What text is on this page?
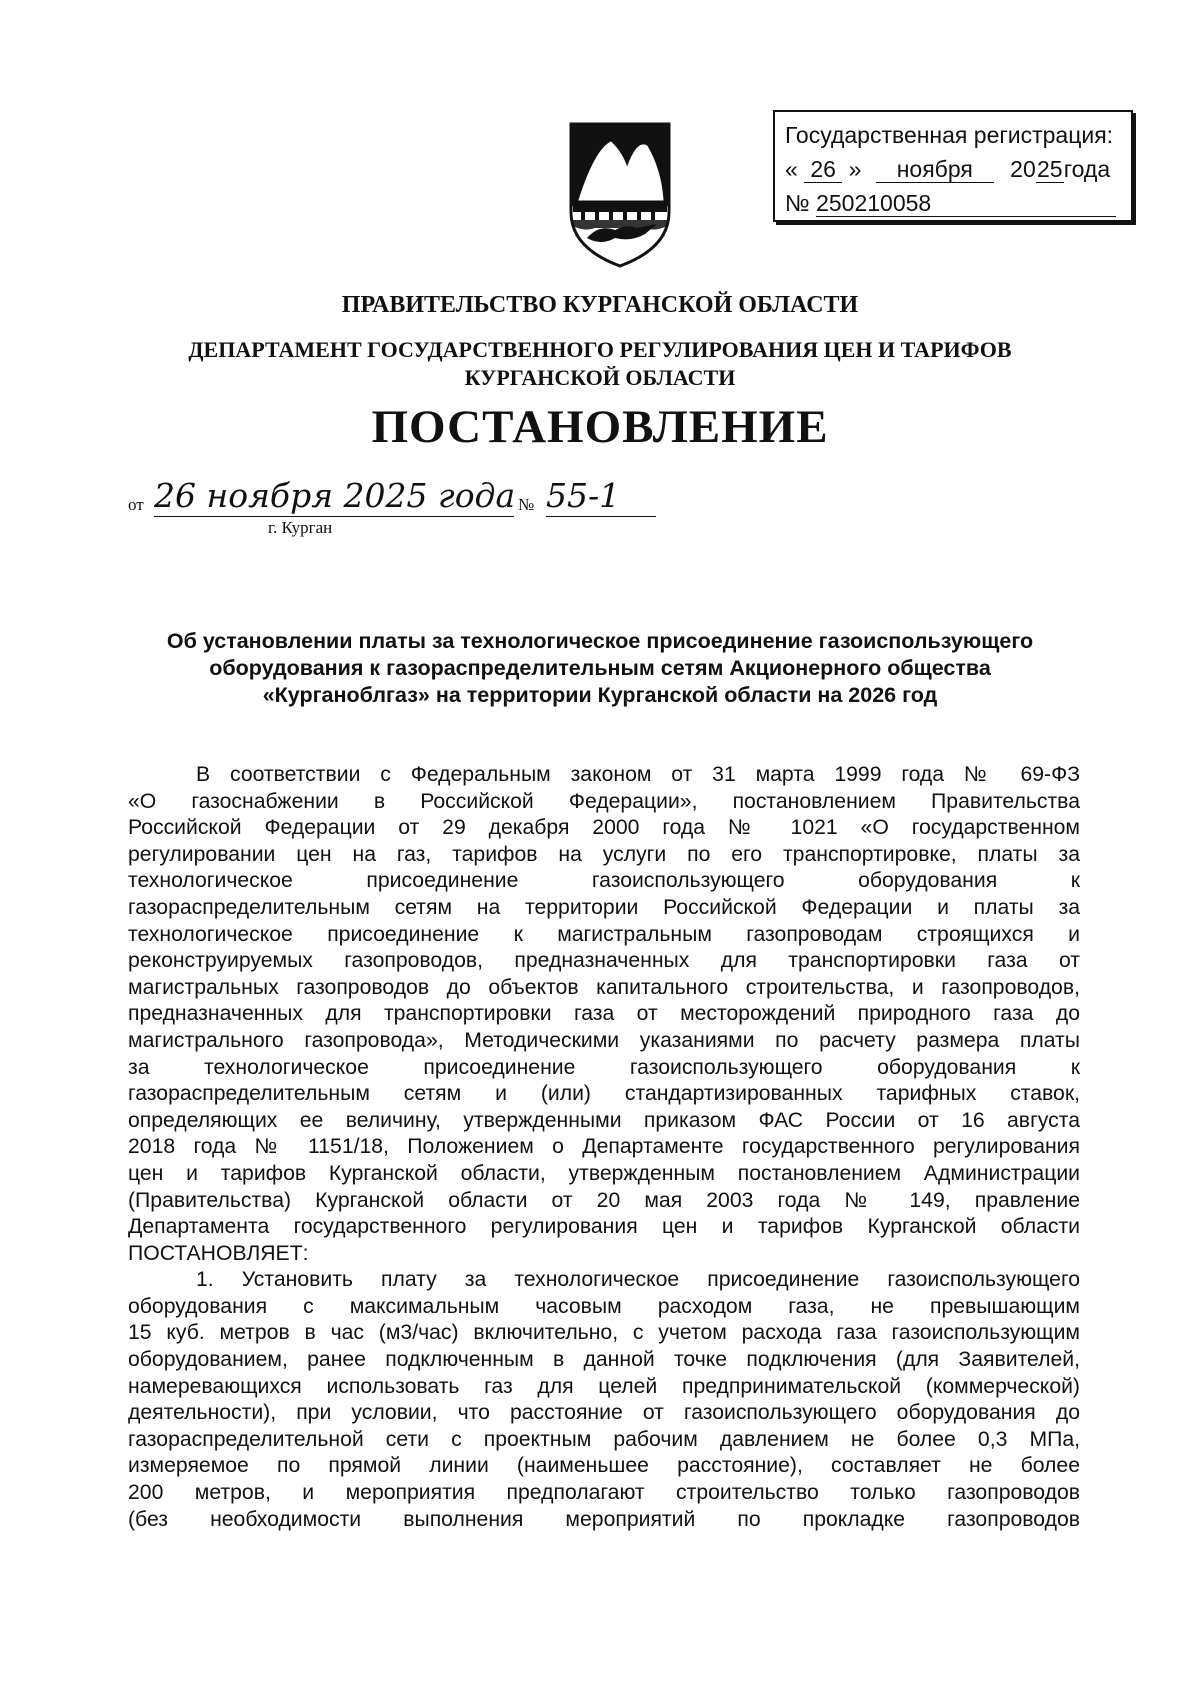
Государственная регистрация:
« 26 » ноября 2025года
№ 250210058
ПРАВИТЕЛЬСТВО КУРГАНСКОЙ ОБЛАСТИ
ДЕПАРТАМЕНТ ГОСУДАРСТВЕННОГО РЕГУЛИРОВАНИЯ ЦЕН И ТАРИФОВ
КУРГАНСКОЙ ОБЛАСТИ
ПОСТАНОВЛЕНИЕ
от 26 ноября 2025 года № 55-1
г. Курган
Об установлении платы за технологическое присоединение газоиспользующего
оборудования к газораспределительным сетям Акционерного общества
«Курганоблгаз» на территории Курганской области на 2026 год
В соответствии с Федеральным законом от 31 марта 1999 года № 69-ФЗ
«О газоснабжении в Российской Федерации», постановлением Правительства
Российской Федерации от 29 декабря 2000 года № 1021 «О государственном
регулировании цен на газ, тарифов на услуги по его транспортировке, платы за
технологическое присоединение газоиспользующего оборудования к
газораспределительным сетям на территории Российской Федерации и платы за
технологическое присоединение к магистральным газопроводам строящихся и
реконструируемых газопроводов, предназначенных для транспортировки газа от
магистральных газопроводов до объектов капитального строительства, и газопроводов,
предназначенных для транспортировки газа от месторождений природного газа до
магистрального газопровода», Методическими указаниями по расчету размера платы
за технологическое присоединение газоиспользующего оборудования к
газораспределительным сетям и (или) стандартизированных тарифных ставок,
определяющих ее величину, утвержденными приказом ФАС России от 16 августа
2018 года № 1151/18, Положением о Департаменте государственного регулирования
цен и тарифов Курганской области, утвержденным постановлением Администрации
(Правительства) Курганской области от 20 мая 2003 года № 149, правление
Департамента государственного регулирования цен и тарифов Курганской области
ПОСТАНОВЛЯЕТ:
1. Установить плату за технологическое присоединение газоиспользующего
оборудования с максимальным часовым расходом газа, не превышающим
15 куб. метров в час (м3/час) включительно, с учетом расхода газа газоиспользующим
оборудованием, ранее подключенным в данной точке подключения (для Заявителей,
намеревающихся использовать газ для целей предпринимательской (коммерческой)
деятельности), при условии, что расстояние от газоиспользующего оборудования до
газораспределительной сети с проектным рабочим давлением не более 0,3 МПа,
измеряемое по прямой линии (наименьшее расстояние), составляет не более
200 метров, и мероприятия предполагают строительство только газопроводов
(без необходимости выполнения мероприятий по прокладке газопроводов
